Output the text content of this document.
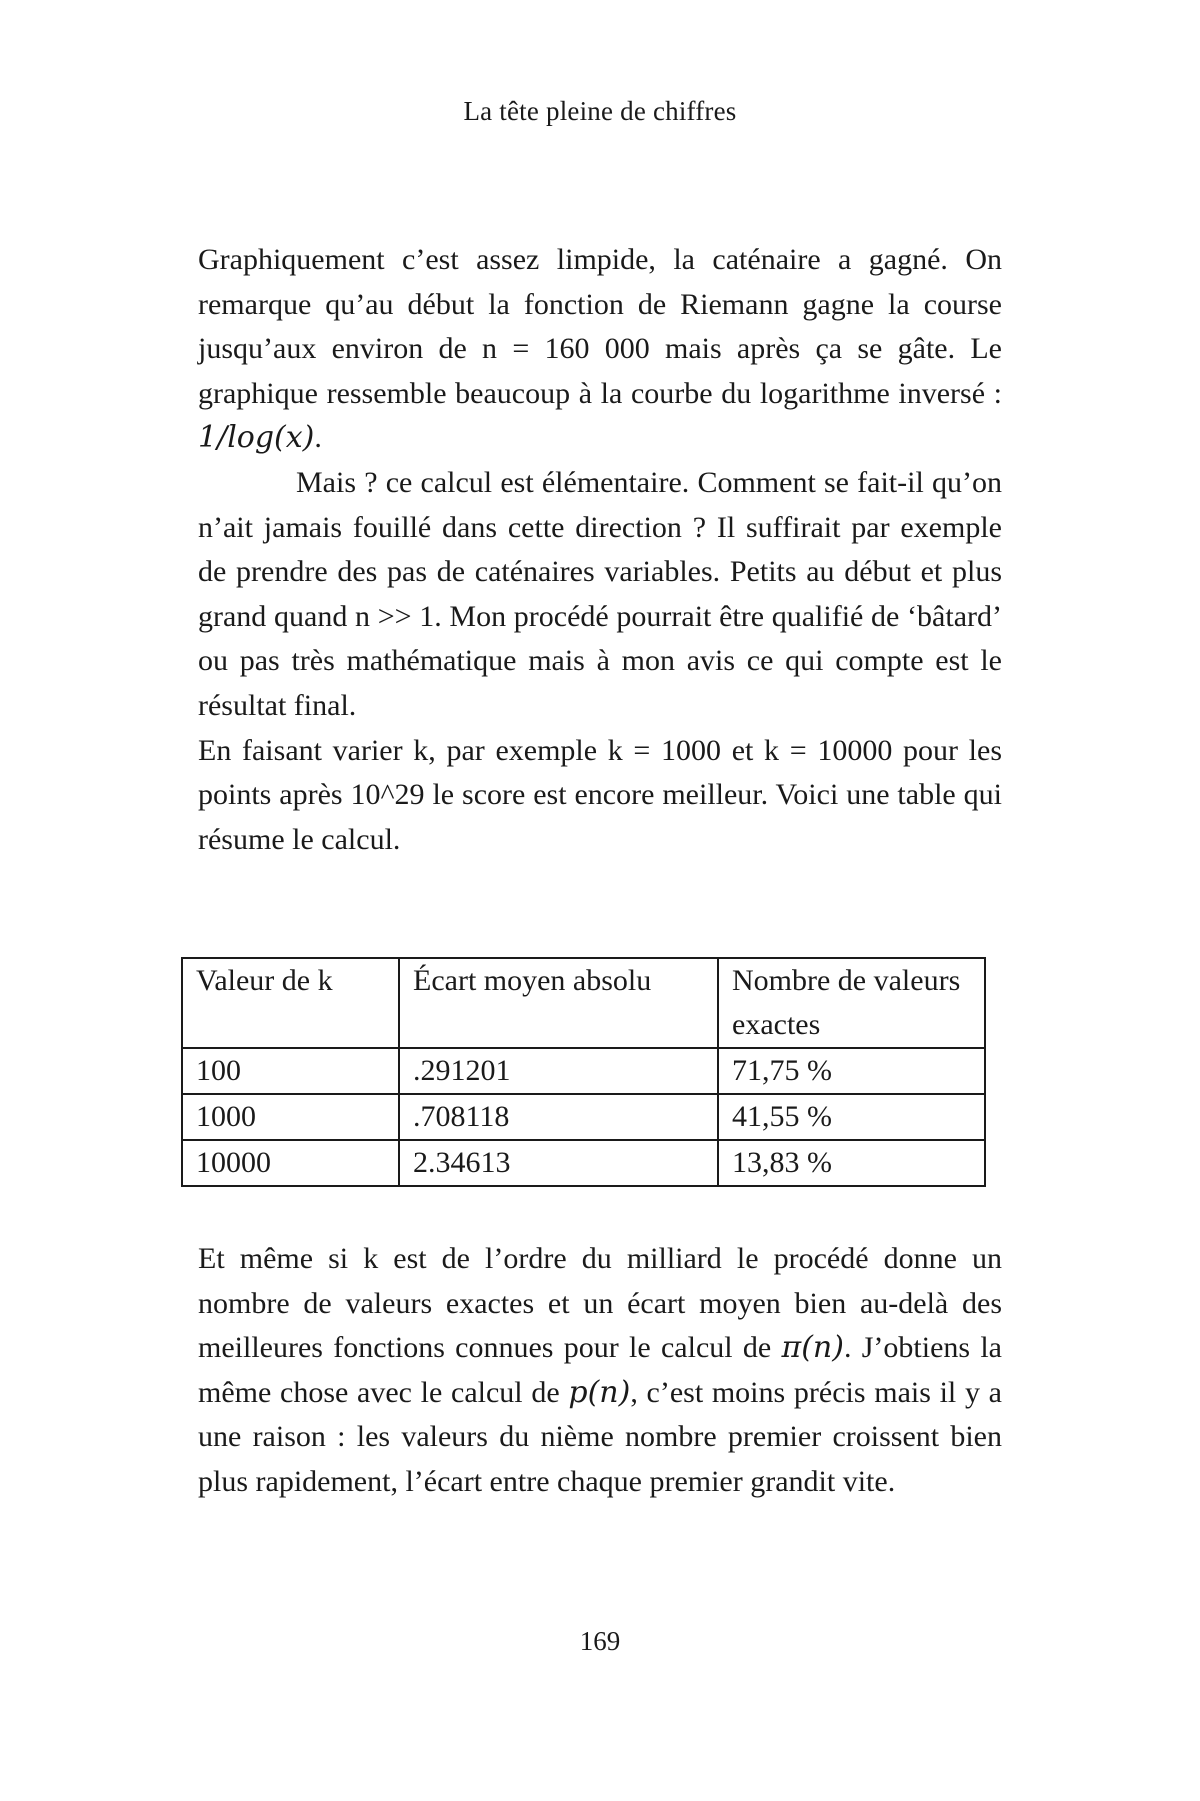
La tête pleine de chiffres

Graphiquement c’est assez limpide, la caténaire a gagné. On remarque qu’au début la fonction de Riemann gagne la course jusqu’aux environ de n = 160 000 mais après ça se gâte. Le graphique ressemble beaucoup à la courbe du logarithme inversé : 1/log(x).

Mais ? ce calcul est élémentaire. Comment se fait-il qu’on n’ait jamais fouillé dans cette direction ? Il suffirait par exemple de prendre des pas de caténaires variables. Petits au début et plus grand quand n >> 1. Mon procédé pourrait être qualifié de ‘bâtard’ ou pas très mathématique mais à mon avis ce qui compte est le résultat final.

En faisant varier k, par exemple k = 1000 et k = 10000 pour les points après 10^29 le score est encore meilleur. Voici une table qui résume le calcul.

Valeur de k	Écart moyen absolu	Nombre de valeurs exactes
100	.291201	71,75 %
1000	.708118	41,55 %
10000	2.34613	13,83 %

Et même si k est de l’ordre du milliard le procédé donne un nombre de valeurs exactes et un écart moyen bien au-delà des meilleures fonctions connues pour le calcul de π(n). J’obtiens la même chose avec le calcul de p(n), c’est moins précis mais il y a une raison : les valeurs du nième nombre premier croissent bien plus rapidement, l’écart entre chaque premier grandit vite.

169
